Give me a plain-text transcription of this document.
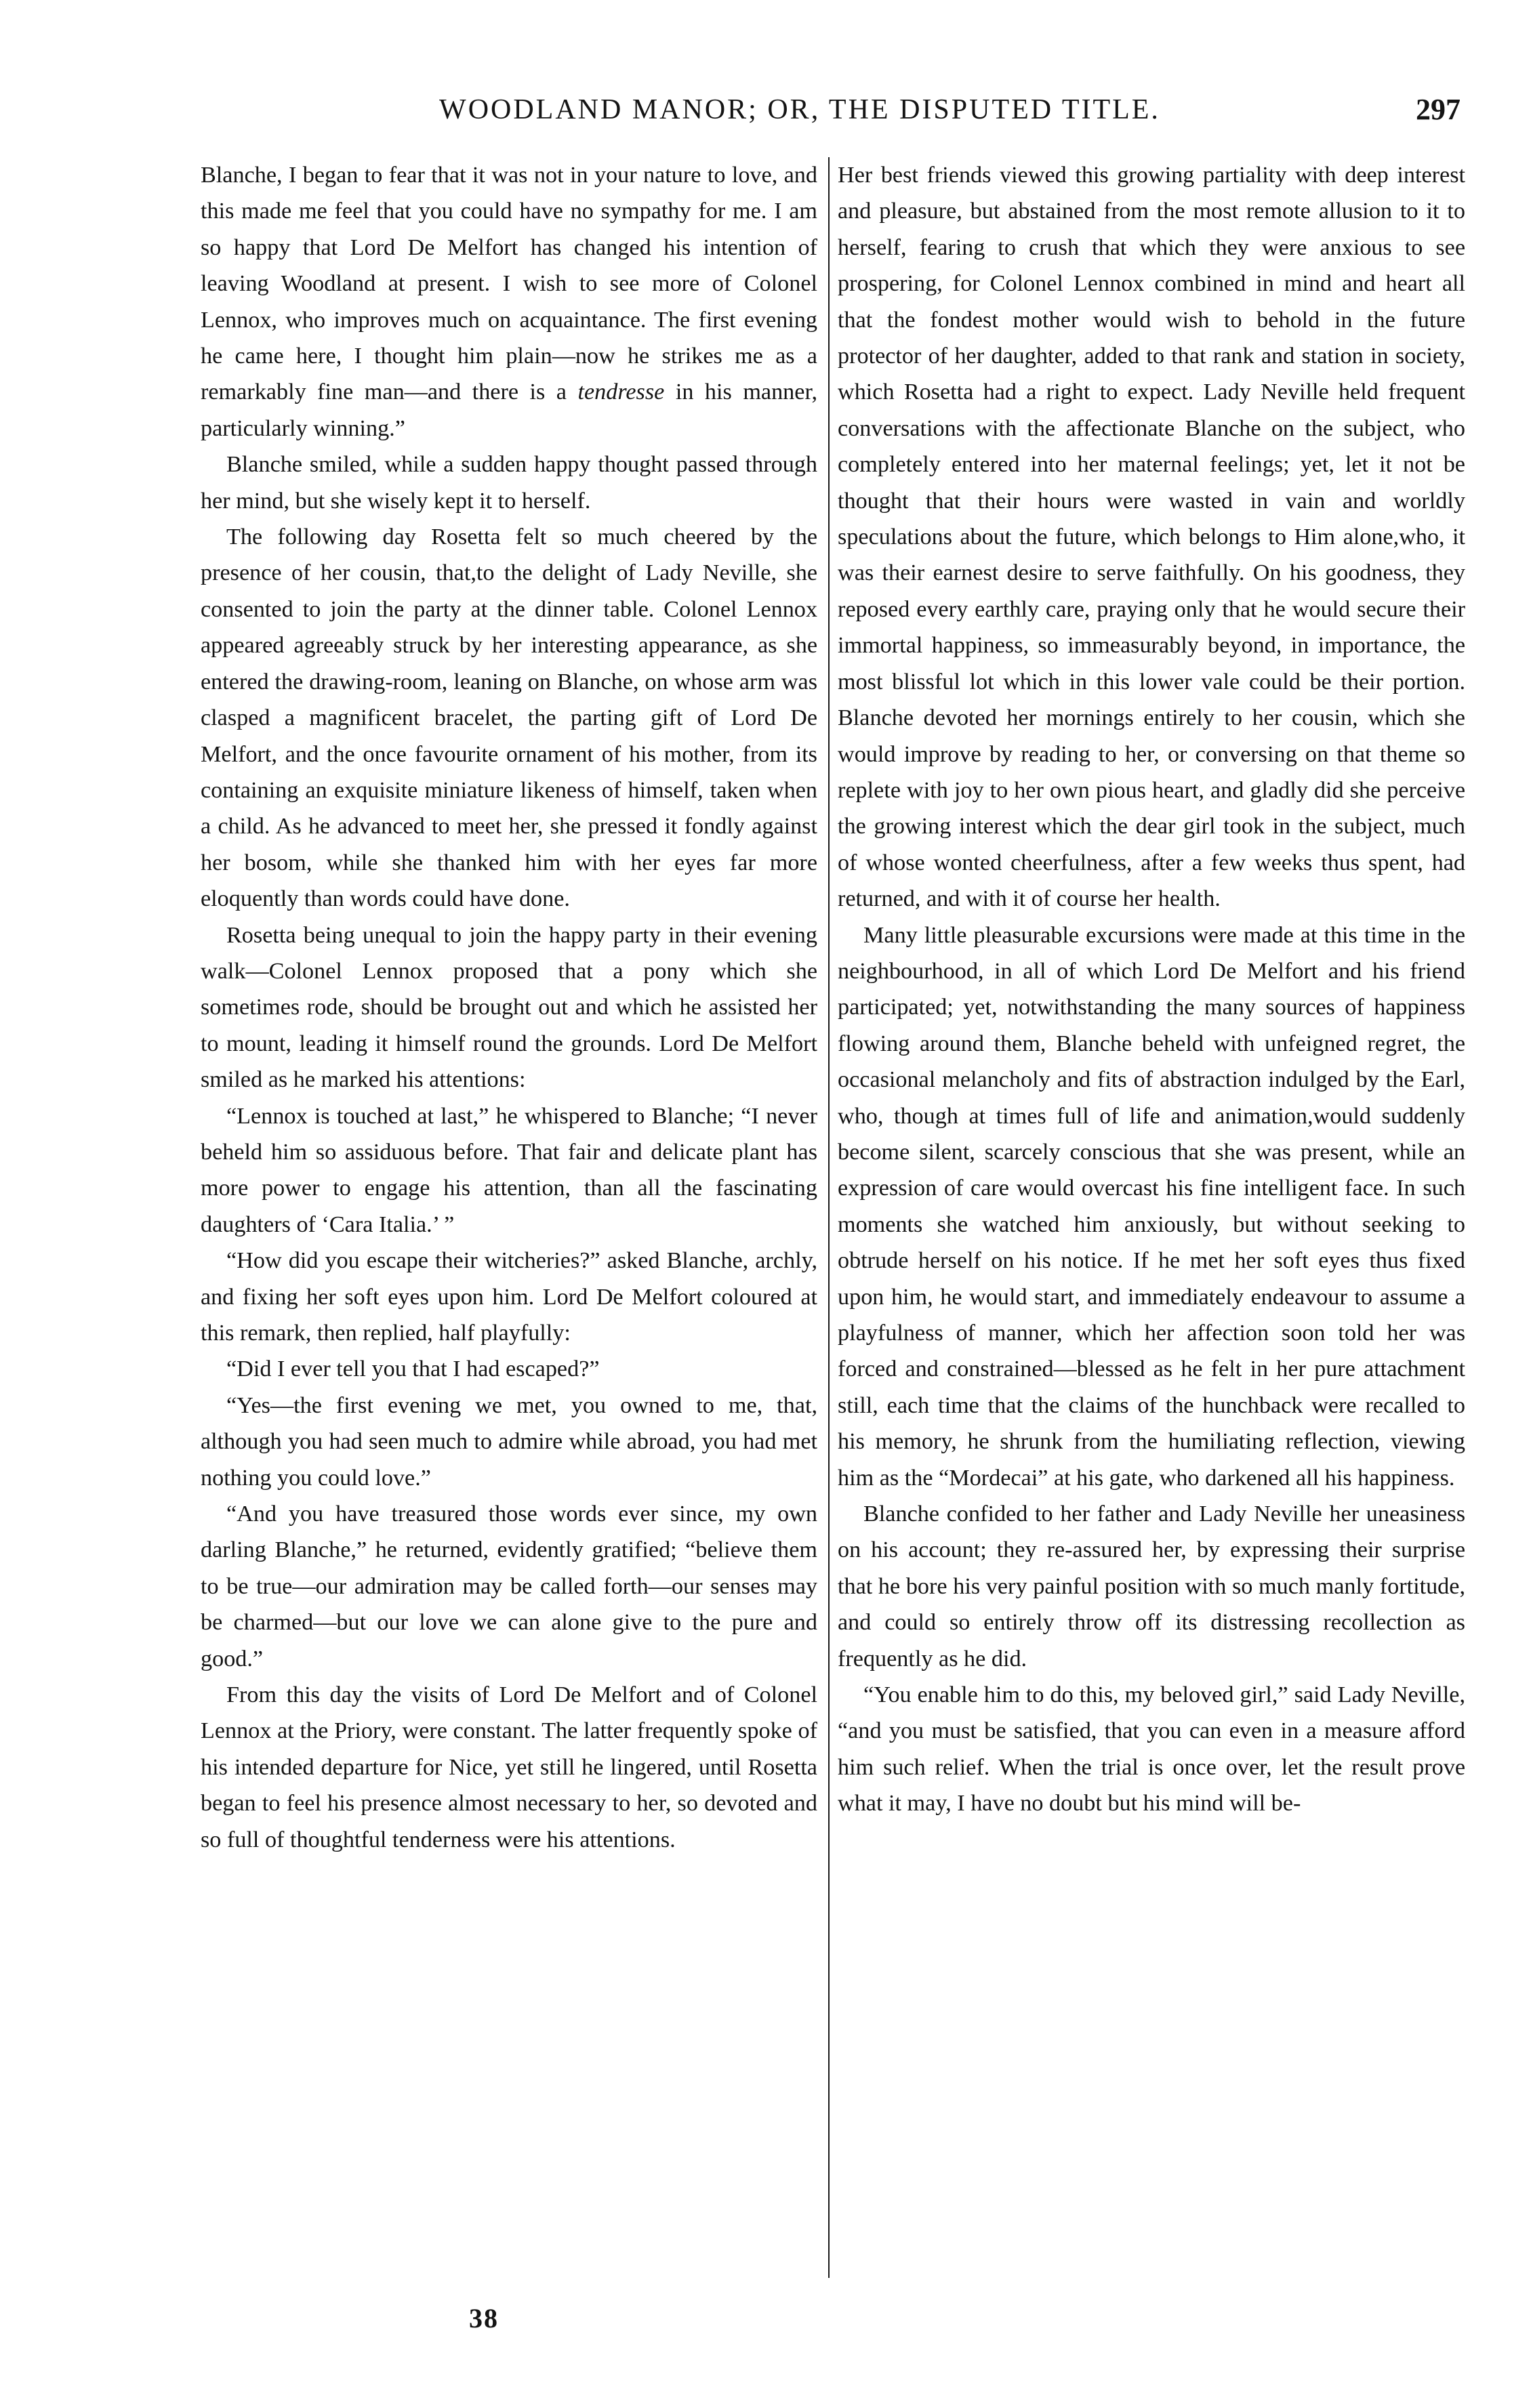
WOODLAND MANOR; OR, THE DISPUTED TITLE.	297

Blanche, I began to fear that it was not in your nature to love, and this made me feel that you could have no sympathy for me. I am so happy that Lord De Melfort has changed his intention of leaving Woodland at present. I wish to see more of Colonel Lennox, who improves much on acquaintance. The first evening he came here, I thought him plain—now he strikes me as a remarkably fine man—and there is a tendresse in his manner, particularly winning.”

Blanche smiled, while a sudden happy thought passed through her mind, but she wisely kept it to herself.

The following day Rosetta felt so much cheered by the presence of her cousin, that,to the delight of Lady Neville, she consented to join the party at the dinner table. Colonel Lennox appeared agreeably struck by her interesting appearance, as she entered the drawing-room, leaning on Blanche, on whose arm was clasped a magnificent bracelet, the parting gift of Lord De Melfort, and the once favourite ornament of his mother, from its containing an exquisite miniature likeness of himself, taken when a child. As he advanced to meet her, she pressed it fondly against her bosom, while she thanked him with her eyes far more eloquently than words could have done.

Rosetta being unequal to join the happy party in their evening walk—Colonel Lennox proposed that a pony which she sometimes rode, should be brought out and which he assisted her to mount, leading it himself round the grounds. Lord De Melfort smiled as he marked his attentions:

“Lennox is touched at last,” he whispered to Blanche; “I never beheld him so assiduous before. That fair and delicate plant has more power to engage his attention, than all the fascinating daughters of ‘Cara Italia.’ ”

“How did you escape their witcheries?” asked Blanche, archly, and fixing her soft eyes upon him. Lord De Melfort coloured at this remark, then replied, half playfully:

“Did I ever tell you that I had escaped?”

“Yes—the first evening we met, you owned to me, that, although you had seen much to admire while abroad, you had met nothing you could love.”

“And you have treasured those words ever since, my own darling Blanche,” he returned, evidently gratified; “believe them to be true—our admiration may be called forth—our senses may be charmed—but our love we can alone give to the pure and good.”

From this day the visits of Lord De Melfort and of Colonel Lennox at the Priory, were constant. The latter frequently spoke of his intended departure for Nice, yet still he lingered, until Rosetta began to feel his presence almost necessary to her, so devoted and so full of thoughtful tenderness were his attentions.

Her best friends viewed this growing partiality with deep interest and pleasure, but abstained from the most remote allusion to it to herself, fearing to crush that which they were anxious to see prospering, for Colonel Lennox combined in mind and heart all that the fondest mother would wish to behold in the future protector of her daughter, added to that rank and station in society, which Rosetta had a right to expect. Lady Neville held frequent conversations with the affectionate Blanche on the subject, who completely entered into her maternal feelings; yet, let it not be thought that their hours were wasted in vain and worldly speculations about the future, which belongs to Him alone,who, it was their earnest desire to serve faithfully. On his goodness, they reposed every earthly care, praying only that he would secure their immortal happiness, so immeasurably beyond, in importance, the most blissful lot which in this lower vale could be their portion. Blanche devoted her mornings entirely to her cousin, which she would improve by reading to her, or conversing on that theme so replete with joy to her own pious heart, and gladly did she perceive the growing interest which the dear girl took in the subject, much of whose wonted cheerfulness, after a few weeks thus spent, had returned, and with it of course her health.

Many little pleasurable excursions were made at this time in the neighbourhood, in all of which Lord De Melfort and his friend participated; yet, notwithstanding the many sources of happiness flowing around them, Blanche beheld with unfeigned regret, the occasional melancholy and fits of abstraction indulged by the Earl, who, though at times full of life and animation,would suddenly become silent, scarcely conscious that she was present, while an expression of care would overcast his fine intelligent face. In such moments she watched him anxiously, but without seeking to obtrude herself on his notice. If he met her soft eyes thus fixed upon him, he would start, and immediately endeavour to assume a playfulness of manner, which her affection soon told her was forced and constrained—blessed as he felt in her pure attachment still, each time that the claims of the hunchback were recalled to his memory, he shrunk from the humiliating reflection, viewing him as the “Mordecai” at his gate, who darkened all his happiness.

Blanche confided to her father and Lady Neville her uneasiness on his account; they re-assured her, by expressing their surprise that he bore his very painful position with so much manly fortitude, and could so entirely throw off its distressing recollection as frequently as he did.

“You enable him to do this, my beloved girl,” said Lady Neville, “and you must be satisfied, that you can even in a measure afford him such relief. When the trial is once over, let the result prove what it may, I have no doubt but his mind will be-

38
